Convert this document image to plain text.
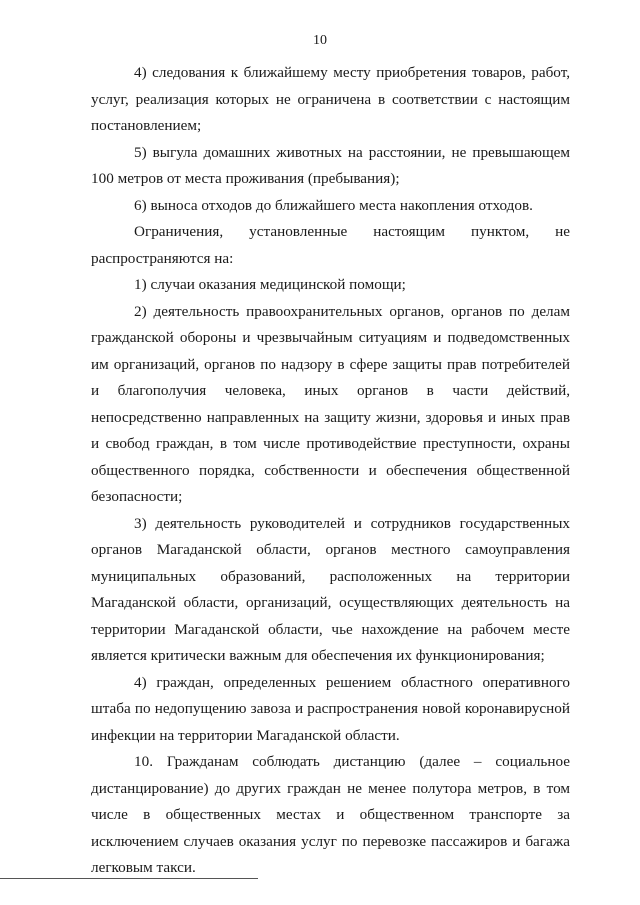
10

4) следования к ближайшему месту приобретения товаров, работ, услуг, реализация которых не ограничена в соответствии с настоящим постановлением;

5) выгула домашних животных на расстоянии, не превышающем 100 метров от места проживания (пребывания);

6) выноса отходов до ближайшего места накопления отходов.

Ограничения, установленные настоящим пунктом, не распространяются на:

1) случаи оказания медицинской помощи;

2) деятельность правоохранительных органов, органов по делам гражданской обороны и чрезвычайным ситуациям и подведомственных им организаций, органов по надзору в сфере защиты прав потребителей и благополучия человека, иных органов в части действий, непосредственно направленных на защиту жизни, здоровья и иных прав и свобод граждан, в том числе противодействие преступности, охраны общественного порядка, собственности и обеспечения общественной безопасности;

3) деятельность руководителей и сотрудников государственных органов Магаданской области, органов местного самоуправления муниципальных образований, расположенных на территории Магаданской области, организаций, осуществляющих деятельность на территории Магаданской области, чье нахождение на рабочем месте является критически важным для обеспечения их функционирования;

4) граждан, определенных решением областного оперативного штаба по недопущению завоза и распространения новой коронавирусной инфекции на территории Магаданской области.

10. Гражданам соблюдать дистанцию (далее – социальное дистанцирование) до других граждан не менее полутора метров, в том числе в общественных местах и общественном транспорте за исключением случаев оказания услуг по перевозке пассажиров и багажа легковым такси.
